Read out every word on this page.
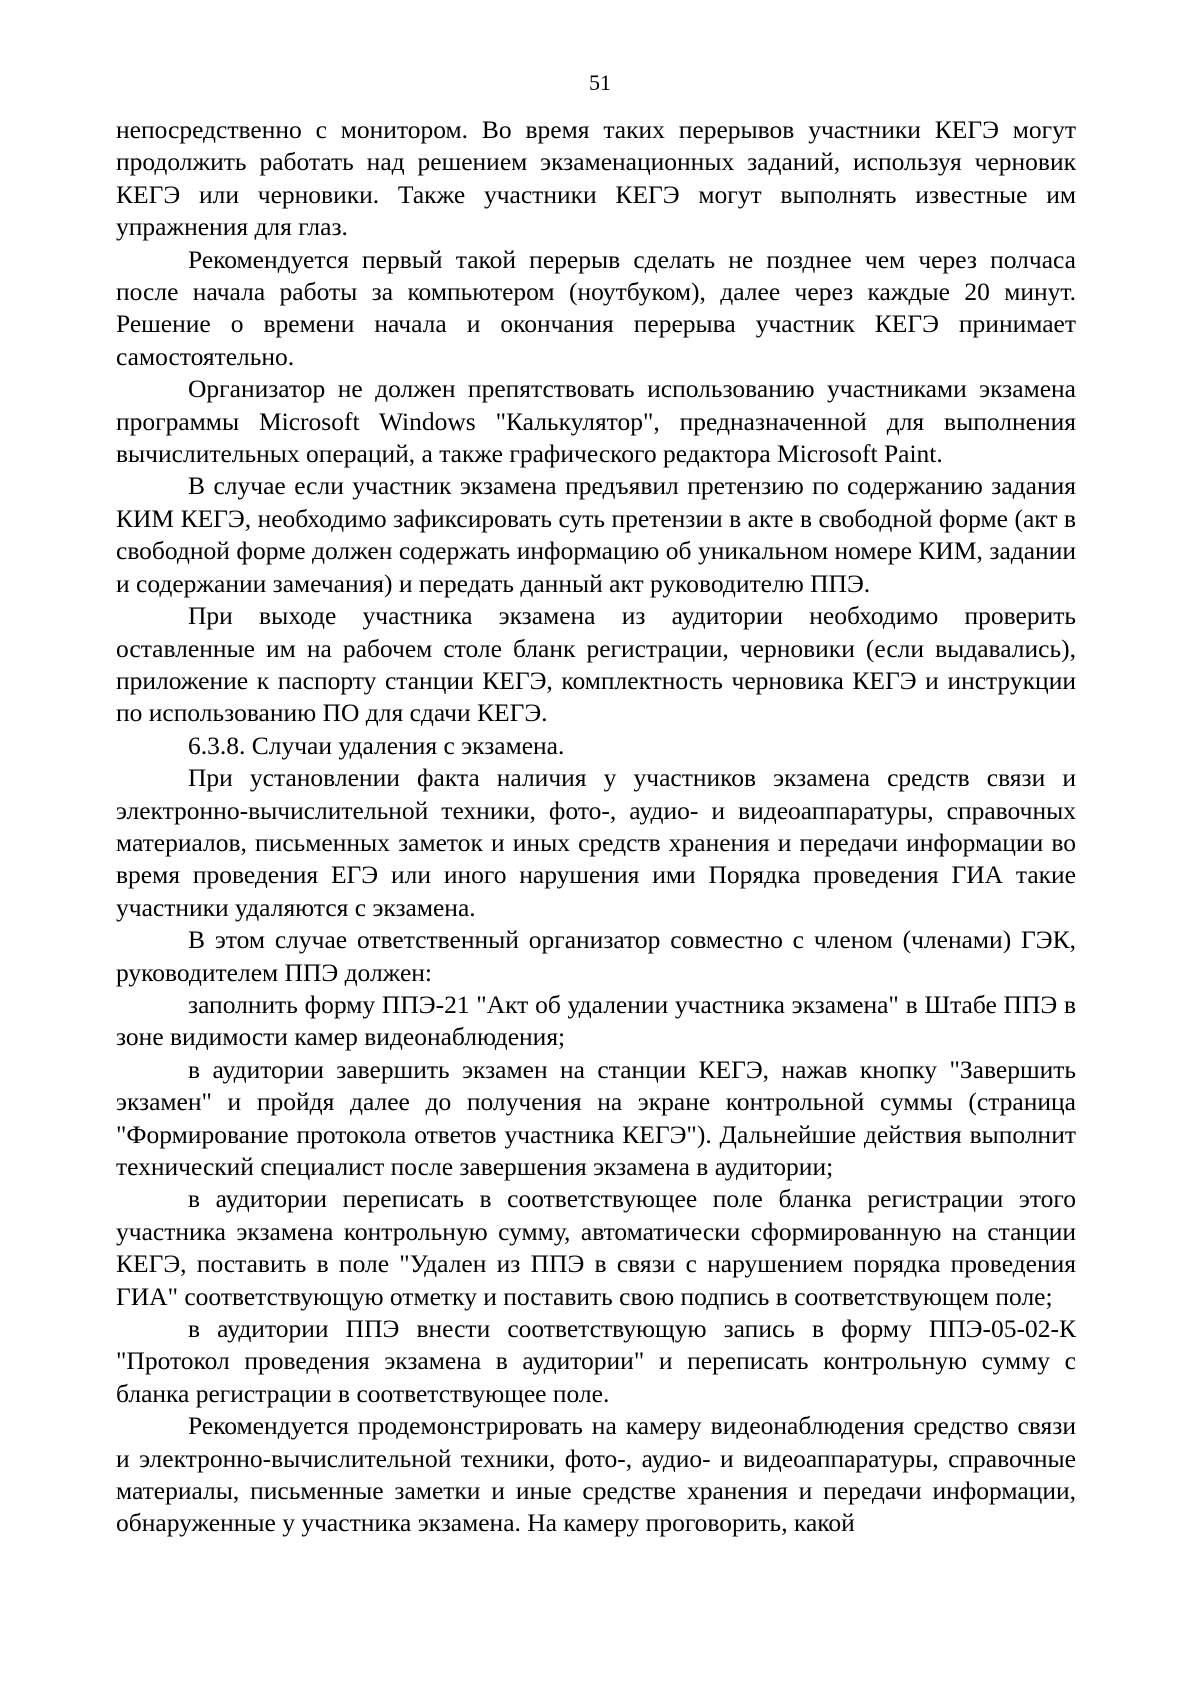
51

непосредственно с монитором. Во время таких перерывов участники КЕГЭ могут продолжить работать над решением экзаменационных заданий, используя черновик КЕГЭ или черновики. Также участники КЕГЭ могут выполнять известные им упражнения для глаз.

Рекомендуется первый такой перерыв сделать не позднее чем через полчаса после начала работы за компьютером (ноутбуком), далее через каждые 20 минут. Решение о времени начала и окончания перерыва участник КЕГЭ принимает самостоятельно.

Организатор не должен препятствовать использованию участниками экзамена программы Microsoft Windows "Калькулятор", предназначенной для выполнения вычислительных операций, а также графического редактора Microsoft Paint.

В случае если участник экзамена предъявил претензию по содержанию задания КИМ КЕГЭ, необходимо зафиксировать суть претензии в акте в свободной форме (акт в свободной форме должен содержать информацию об уникальном номере КИМ, задании и содержании замечания) и передать данный акт руководителю ППЭ.

При выходе участника экзамена из аудитории необходимо проверить оставленные им на рабочем столе бланк регистрации, черновики (если выдавались), приложение к паспорту станции КЕГЭ, комплектность черновика КЕГЭ и инструкции по использованию ПО для сдачи КЕГЭ.

6.3.8. Случаи удаления с экзамена.

При установлении факта наличия у участников экзамена средств связи и электронно-вычислительной техники, фото-, аудио- и видеоаппаратуры, справочных материалов, письменных заметок и иных средств хранения и передачи информации во время проведения ЕГЭ или иного нарушения ими Порядка проведения ГИА такие участники удаляются с экзамена.

В этом случае ответственный организатор совместно с членом (членами) ГЭК, руководителем ППЭ должен:

заполнить форму ППЭ-21 "Акт об удалении участника экзамена" в Штабе ППЭ в зоне видимости камер видеонаблюдения;

в аудитории завершить экзамен на станции КЕГЭ, нажав кнопку "Завершить экзамен" и пройдя далее до получения на экране контрольной суммы (страница "Формирование протокола ответов участника КЕГЭ"). Дальнейшие действия выполнит технический специалист после завершения экзамена в аудитории;

в аудитории переписать в соответствующее поле бланка регистрации этого участника экзамена контрольную сумму, автоматически сформированную на станции КЕГЭ, поставить в поле "Удален из ППЭ в связи с нарушением порядка проведения ГИА" соответствующую отметку и поставить свою подпись в соответствующем поле;

в аудитории ППЭ внести соответствующую запись в форму ППЭ-05-02-К "Протокол проведения экзамена в аудитории" и переписать контрольную сумму с бланка регистрации в соответствующее поле.

Рекомендуется продемонстрировать на камеру видеонаблюдения средство связи и электронно-вычислительной техники, фото-, аудио- и видеоаппаратуры, справочные материалы, письменные заметки и иные средстве хранения и передачи информации, обнаруженные у участника экзамена. На камеру проговорить, какой
